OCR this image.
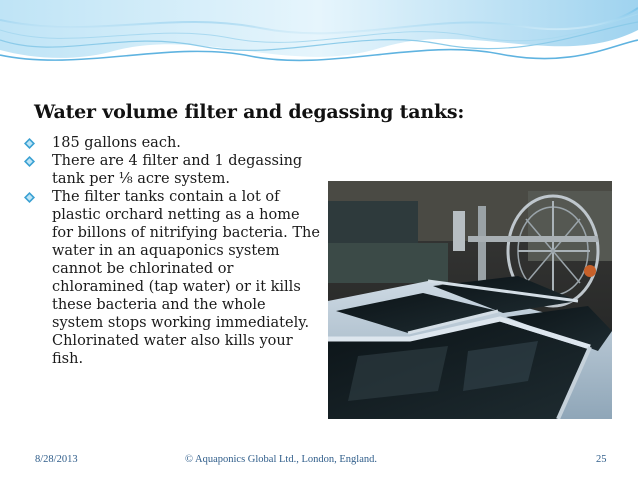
Water volume filter and degassing tanks:
185 gallons each.
There are 4 filter and 1 degassing tank per ⅛ acre system.
The filter tanks contain a lot of plastic orchard netting as a home for billons of nitrifying bacteria. The water in an aquaponics system cannot be chlorinated or chloramined (tap water) or it kills these bacteria and the whole system stops working immediately. Chlorinated water also kills your fish.
8/28/2013	© Aquaponics Global Ltd., London, England.	25
